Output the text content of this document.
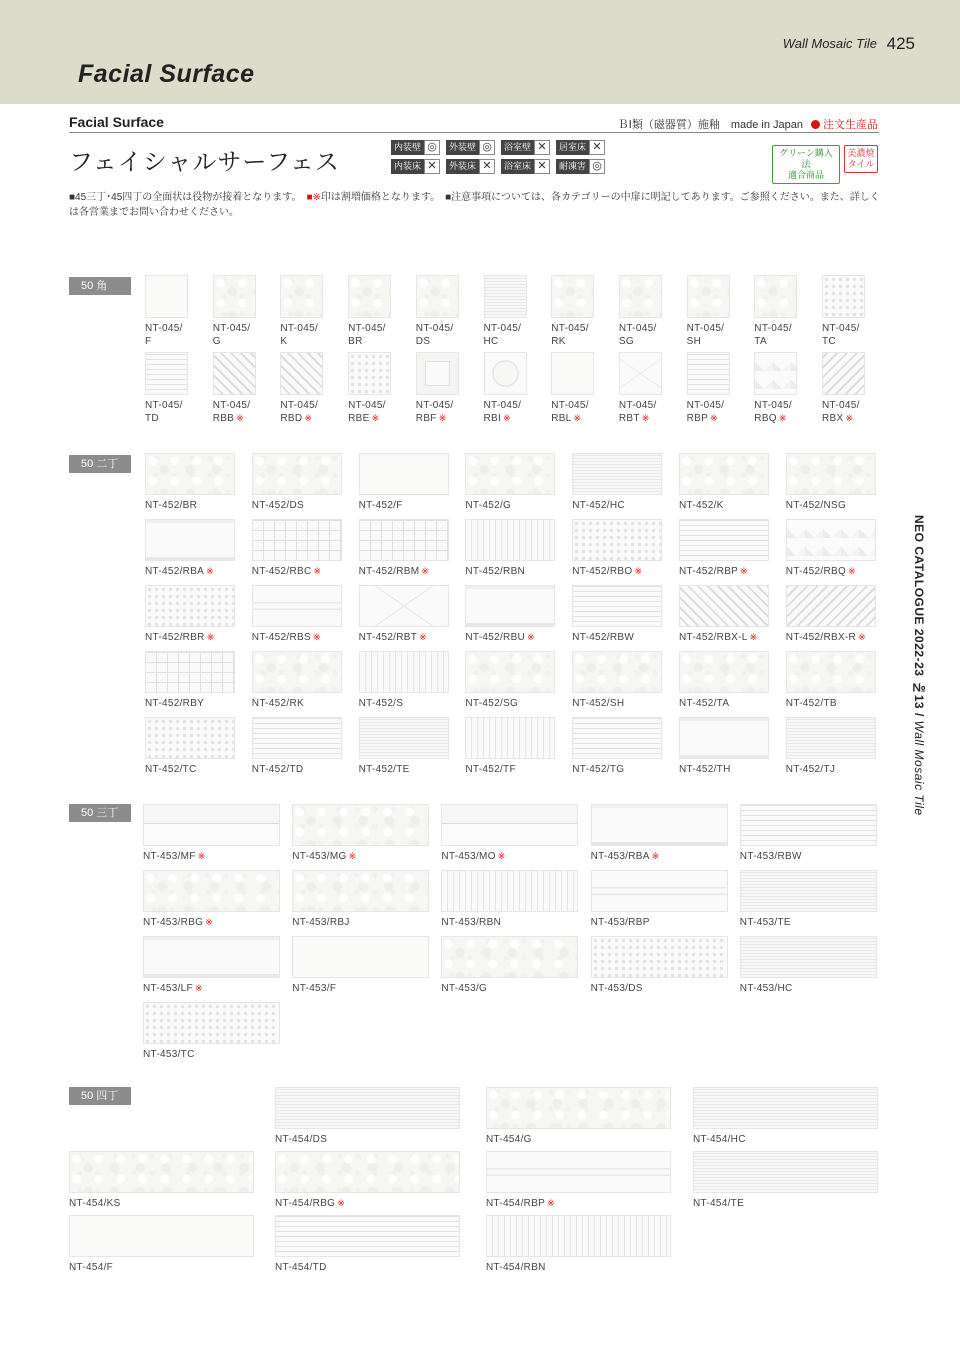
Facial Surface
Wall Mosaic Tile 425
Facial Surface	ＢⅠ類（磁器質）施釉　made in Japan 注文生産品
フェイシャルサーフェス
内装壁 ◎	外装壁 ◎	浴室壁 ✕	居室床 ✕
内装床 ✕	外装床 ✕	浴室床 ✕	耐凍害 ◎
グリーン購入法
適合商品
美濃焼
タイル
■45三丁･45四丁の全面状は役物が接着となります。　 ■※印は割増価格となります。　 ■注意事項については、各カテゴリーの中扉に明記してあります。ご参照ください。また、詳しく
は各営業までお問い合わせください。
NEO CATALOGUE 2022-23 №13 / Wall Mosaic Tile
50 角
50 二丁
50 三丁
50 四丁
NT-045/
F
NT-045/
G
NT-045/
K
NT-045/
BR
NT-045/
DS
NT-045/
HC
NT-045/
RK
NT-045/
SG
NT-045/
SH
NT-045/
TA
NT-045/
TC
NT-045/
TD
NT-045/
RBB ※
NT-045/
RBD ※
NT-045/
RBE ※
NT-045/
RBF ※
NT-045/
RBI ※
NT-045/
RBL ※
NT-045/
RBT ※
NT-045/
RBP ※
NT-045/
RBQ ※
NT-045/
RBX ※
NT-452/BR	NT-452/DS	NT-452/F	NT-452/G	NT-452/HC	NT-452/K	NT-452/NSG
NT-452/RBA ※	NT-452/RBC ※	NT-452/RBM ※	NT-452/RBN	NT-452/RBO ※	NT-452/RBP ※	NT-452/RBQ ※
NT-452/RBR ※	NT-452/RBS ※	NT-452/RBT ※	NT-452/RBU ※	NT-452/RBW	NT-452/RBX-L ※	NT-452/RBX-R ※
NT-452/RBY	NT-452/RK	NT-452/S	NT-452/SG	NT-452/SH	NT-452/TA	NT-452/TB
NT-452/TC	NT-452/TD	NT-452/TE	NT-452/TF	NT-452/TG	NT-452/TH	NT-452/TJ
NT-453/MF ※	NT-453/MG ※	NT-453/MO ※	NT-453/RBA ※	NT-453/RBW
NT-453/RBG ※	NT-453/RBJ	NT-453/RBN	NT-453/RBP	NT-453/TE
NT-453/LF ※	NT-453/F	NT-453/G	NT-453/DS	NT-453/HC
NT-453/TC
NT-454/DS	NT-454/G	NT-454/HC
NT-454/KS	NT-454/RBG ※	NT-454/RBP ※	NT-454/TE
NT-454/F	NT-454/TD	NT-454/RBN
